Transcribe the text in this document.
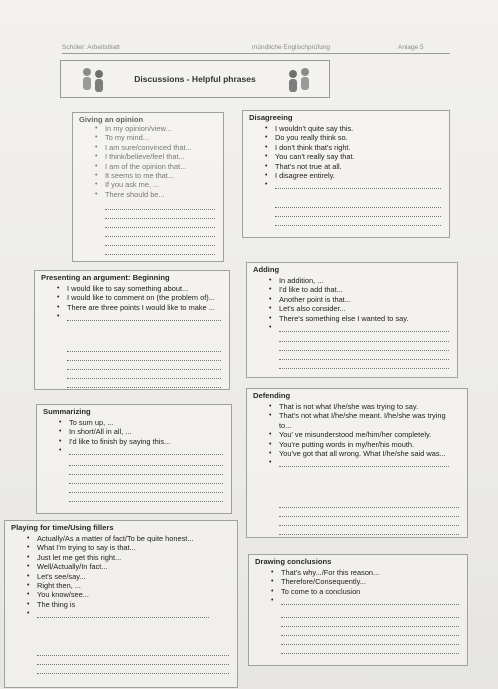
Schüler: Arbeitsblatt	mündliche Englischprüfung	Anlage 5
Discussions - Helpful phrases
Giving an opinion
• In my opinion/view...
• To my mind...
• I am sure/convinced that...
• I think/believe/feel that...
• I am of the opinion that...
• It seems to me that...
• If you ask me, ...
• There should be...
Disagreeing
• I wouldn't quite say this.
• Do you really think so.
• I don't think that's right.
• You can't really say that.
• That's not true at all.
• I disagree entirely.
•
Presenting an argument: Beginning
• I would like to say something about...
• I would like to comment on (the problem of)...
• There are three points I would like to make ...
•
Adding
• In addition, ...
• I'd like to add that...
• Another point is that...
• Let's also consider...
• There's something else I wanted to say.
•
Summarizing
• To sum up, ...
• In short/All in all, ...
• I'd like to finish by saying this...
•
Defending
• That is not what I/he/she was trying to say.
• That's not what I/he/she meant. I/he/she was trying to...
• You' ve misunderstood me/him/her completely.
• You're putting words in my/her/his mouth.
• You've got that all wrong. What I/he/she said was...
•
Playing for time/Using fillers
• Actually/As a matter of fact/To be quite honest...
• What I'm trying to say is that...
• Just let me get this right...
• Well/Actually/In fact...
• Let's see/say...
• Right then, ...
• You know/see...
• The thing is
•
Drawing conclusions
• That's why.../For this reason...
• Therefore/Consequently...
• To come to a conclusion
•
